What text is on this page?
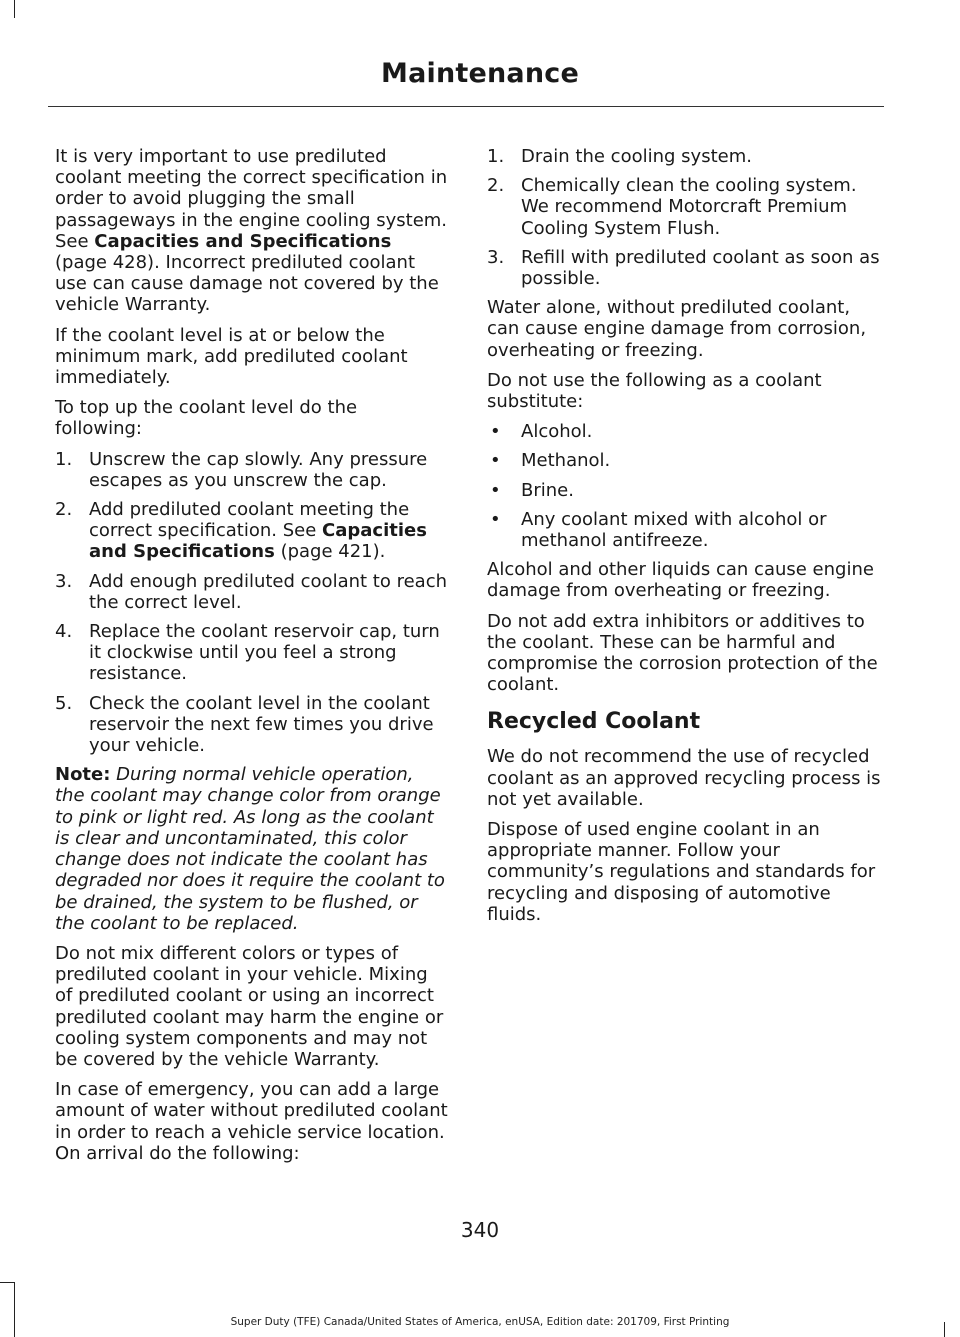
Maintenance

It is very important to use prediluted coolant meeting the correct specification in order to avoid plugging the small passageways in the engine cooling system. See Capacities and Specifications (page 428). Incorrect prediluted coolant use can cause damage not covered by the vehicle Warranty.

If the coolant level is at or below the minimum mark, add prediluted coolant immediately.

To top up the coolant level do the following:

1. Unscrew the cap slowly. Any pressure escapes as you unscrew the cap.
2. Add prediluted coolant meeting the correct specification. See Capacities and Specifications (page 421).
3. Add enough prediluted coolant to reach the correct level.
4. Replace the coolant reservoir cap, turn it clockwise until you feel a strong resistance.
5. Check the coolant level in the coolant reservoir the next few times you drive your vehicle.

Note: During normal vehicle operation, the coolant may change color from orange to pink or light red. As long as the coolant is clear and uncontaminated, this color change does not indicate the coolant has degraded nor does it require the coolant to be drained, the system to be flushed, or the coolant to be replaced.

Do not mix different colors or types of prediluted coolant in your vehicle. Mixing of prediluted coolant or using an incorrect prediluted coolant may harm the engine or cooling system components and may not be covered by the vehicle Warranty.

In case of emergency, you can add a large amount of water without prediluted coolant in order to reach a vehicle service location. On arrival do the following:

1. Drain the cooling system.
2. Chemically clean the cooling system. We recommend Motorcraft Premium Cooling System Flush.
3. Refill with prediluted coolant as soon as possible.

Water alone, without prediluted coolant, can cause engine damage from corrosion, overheating or freezing.

Do not use the following as a coolant substitute:

• Alcohol.
• Methanol.
• Brine.
• Any coolant mixed with alcohol or methanol antifreeze.

Alcohol and other liquids can cause engine damage from overheating or freezing.

Do not add extra inhibitors or additives to the coolant. These can be harmful and compromise the corrosion protection of the coolant.

Recycled Coolant

We do not recommend the use of recycled coolant as an approved recycling process is not yet available.

Dispose of used engine coolant in an appropriate manner. Follow your community’s regulations and standards for recycling and disposing of automotive fluids.

340

Super Duty (TFE) Canada/United States of America, enUSA, Edition date: 201709, First Printing
